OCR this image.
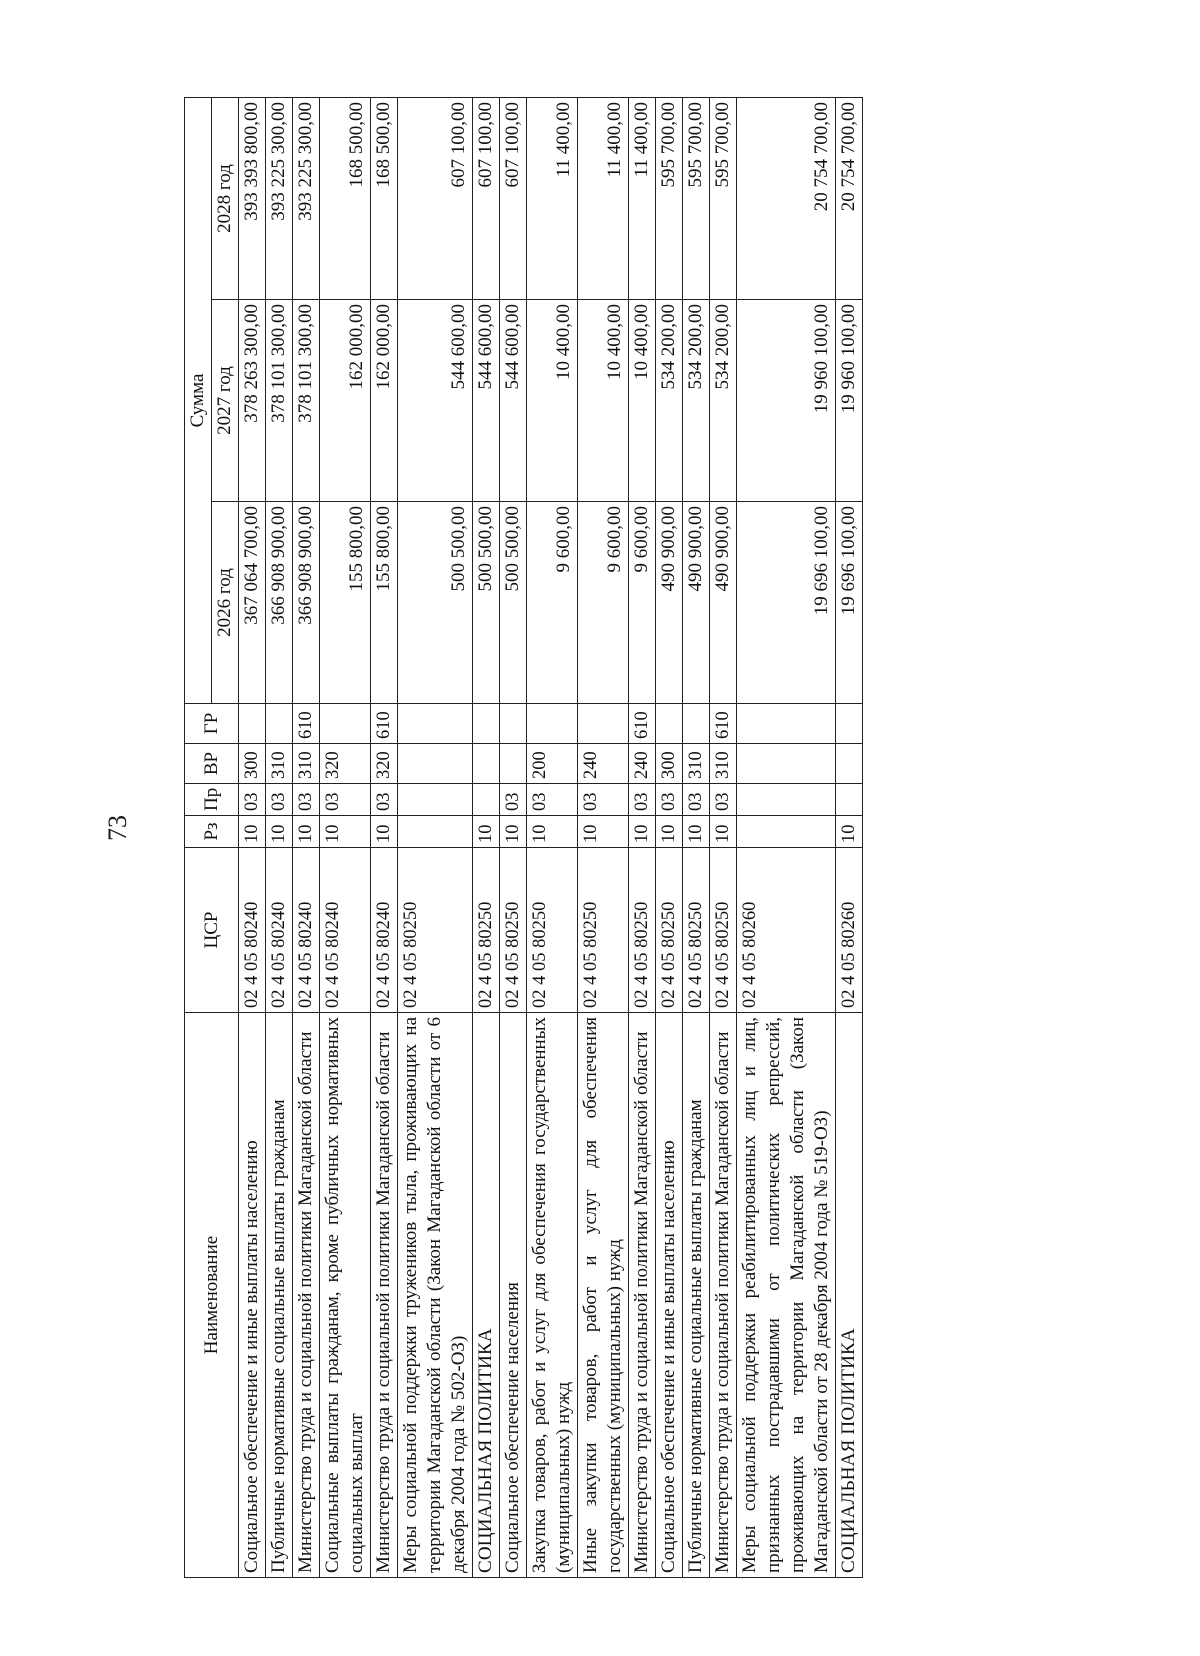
73
Наименование	ЦСР	Рз	Пр	ВР	ГР	Сумма		
						2026 год	2027 год	2028 год
Социальное обеспечение и иные выплаты населению	02 4 05 80240	10	03	300		367 064 700,00	378 263 300,00	393 393 800,00
Публичные нормативные социальные выплаты гражданам	02 4 05 80240	10	03	310		366 908 900,00	378 101 300,00	393 225 300,00
Министерство труда и социальной политики Магаданской области	02 4 05 80240	10	03	310	610	366 908 900,00	378 101 300,00	393 225 300,00
Социальные выплаты гражданам, кроме публичных нормативных социальных выплат	02 4 05 80240	10	03	320		155 800,00	162 000,00	168 500,00
Министерство труда и социальной политики Магаданской области	02 4 05 80240	10	03	320	610	155 800,00	162 000,00	168 500,00
Меры социальной поддержки тружеников тыла, проживающих на территории Магаданской области (Закон Магаданской области от 6 декабря 2004 года № 502-ОЗ)	02 4 05 80250					500 500,00	544 600,00	607 100,00
СОЦИАЛЬНАЯ ПОЛИТИКА	02 4 05 80250	10				500 500,00	544 600,00	607 100,00
Социальное обеспечение населения	02 4 05 80250	10	03			500 500,00	544 600,00	607 100,00
Закупка товаров, работ и услуг для обеспечения государственных (муниципальных) нужд	02 4 05 80250	10	03	200		9 600,00	10 400,00	11 400,00
Иные закупки товаров, работ и услуг для обеспечения государственных (муниципальных) нужд	02 4 05 80250	10	03	240		9 600,00	10 400,00	11 400,00
Министерство труда и социальной политики Магаданской области	02 4 05 80250	10	03	240	610	9 600,00	10 400,00	11 400,00
Социальное обеспечение и иные выплаты населению	02 4 05 80250	10	03	300		490 900,00	534 200,00	595 700,00
Публичные нормативные социальные выплаты гражданам	02 4 05 80250	10	03	310		490 900,00	534 200,00	595 700,00
Министерство труда и социальной политики Магаданской области	02 4 05 80250	10	03	310	610	490 900,00	534 200,00	595 700,00
Меры социальной поддержки реабилитированных лиц и лиц, признанных пострадавшими от политических репрессий, проживающих на территории Магаданской области (Закон Магаданской области от 28 декабря 2004 года № 519-ОЗ)	02 4 05 80260					19 696 100,00	19 960 100,00	20 754 700,00
СОЦИАЛЬНАЯ ПОЛИТИКА	02 4 05 80260	10				19 696 100,00	19 960 100,00	20 754 700,00
